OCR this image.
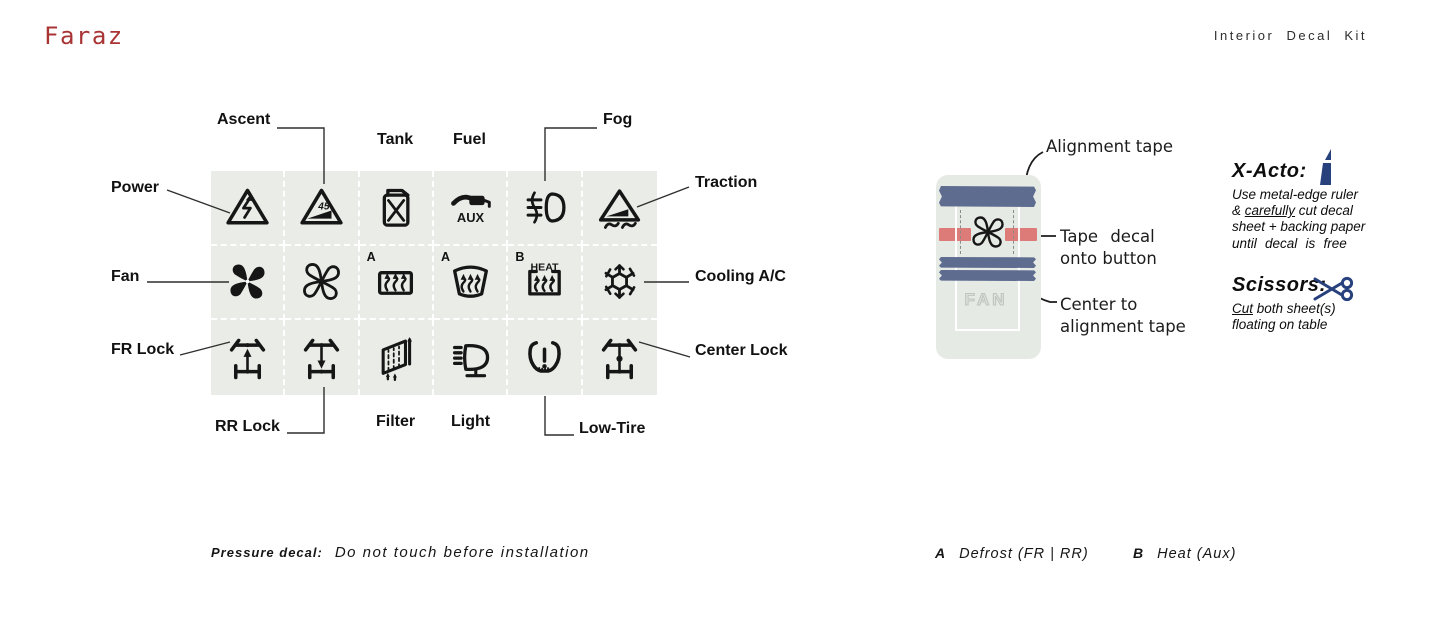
Faraz	Interior Decal Kit
45
AUX
A	A	B
HEAT
Power
Ascent
Tank Fuel
Fog
Traction
Fan	Cooling A/C
FR Lock	Center Lock
RR Lock	Filter Light	Low-Tire
FAN
Alignment tape
Tape decal
onto button
Center to
alignment tape
X-Acto:
Use metal-edge ruler
& carefully cut decal
sheet + backing paper
until decal is free
Scissors:
Cut both sheet(s)
floating on table
Pressure decal: Do not touch before installation	A Defrost (FR | RR)	B Heat (Aux)
